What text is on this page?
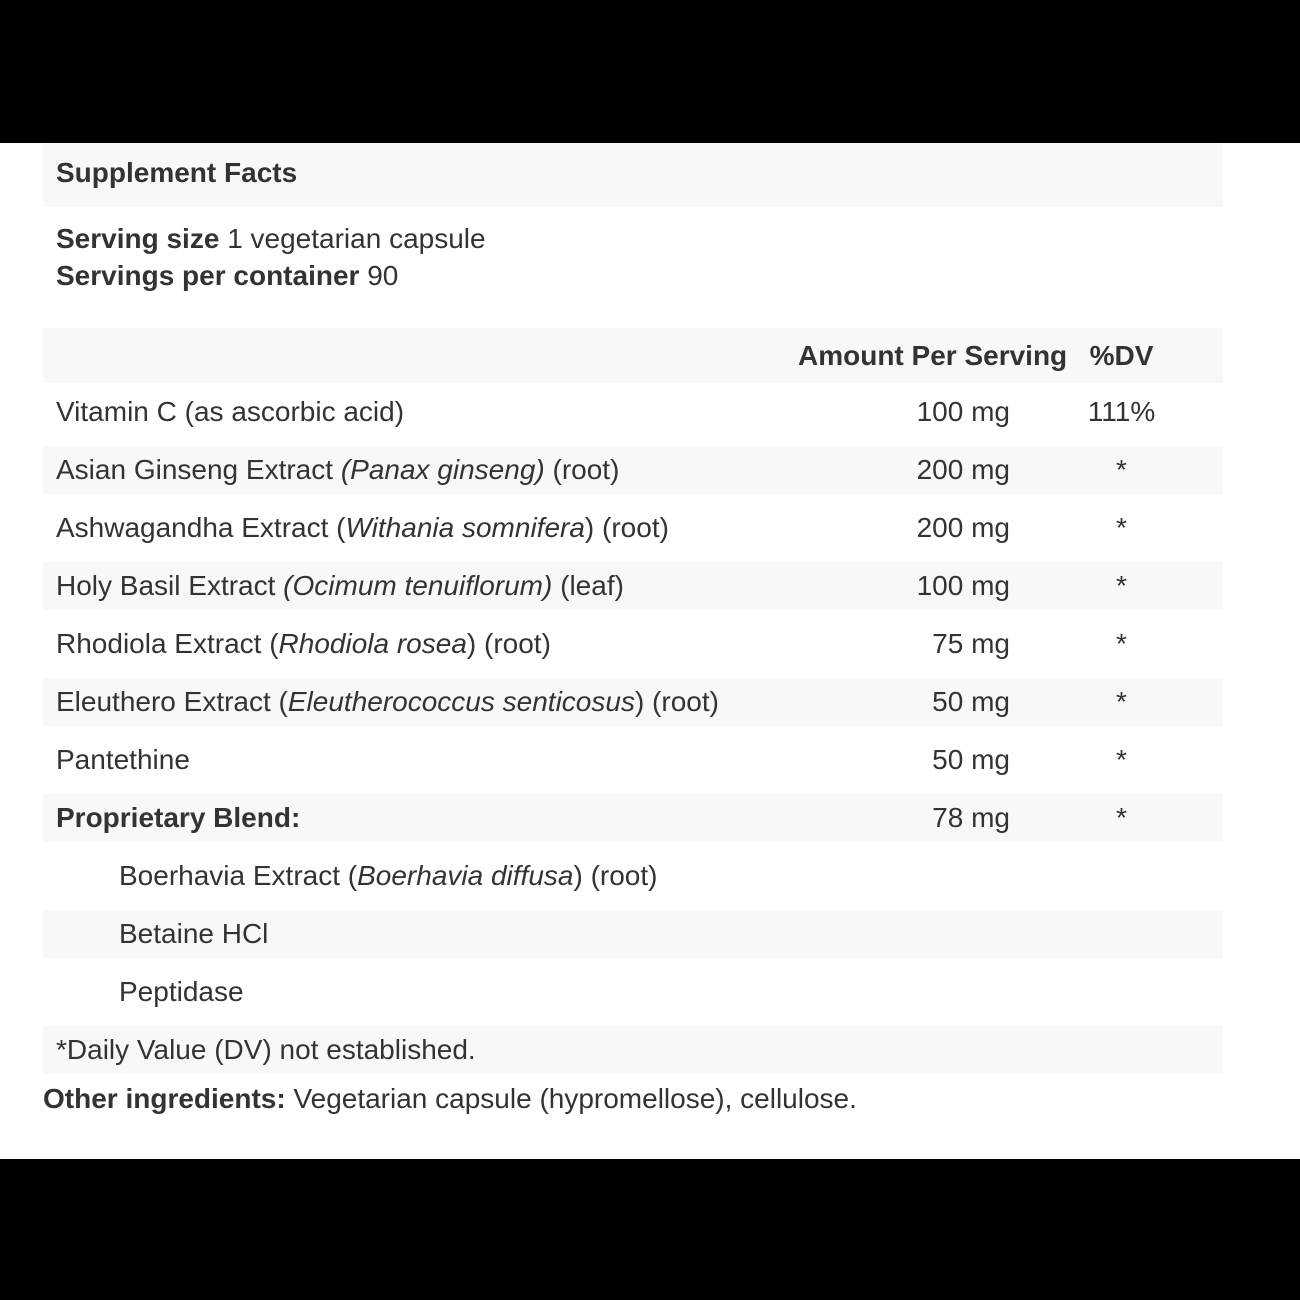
Supplement Facts
Serving size 1 vegetarian capsule
Servings per container 90
Amount Per Serving %DV
Vitamin C (as ascorbic acid)	100 mg	111%
Asian Ginseng Extract (Panax ginseng) (root)	200 mg	*
Ashwagandha Extract (Withania somnifera) (root)	200 mg	*
Holy Basil Extract (Ocimum tenuiflorum) (leaf)	100 mg	*
Rhodiola Extract (Rhodiola rosea) (root)	75 mg	*
Eleuthero Extract (Eleutherococcus senticosus) (root)	50 mg	*
Pantethine	50 mg	*
Proprietary Blend:	78 mg	*
Boerhavia Extract (Boerhavia diffusa) (root)
Betaine HCl
Peptidase
*Daily Value (DV) not established.
Other ingredients: Vegetarian capsule (hypromellose), cellulose.
